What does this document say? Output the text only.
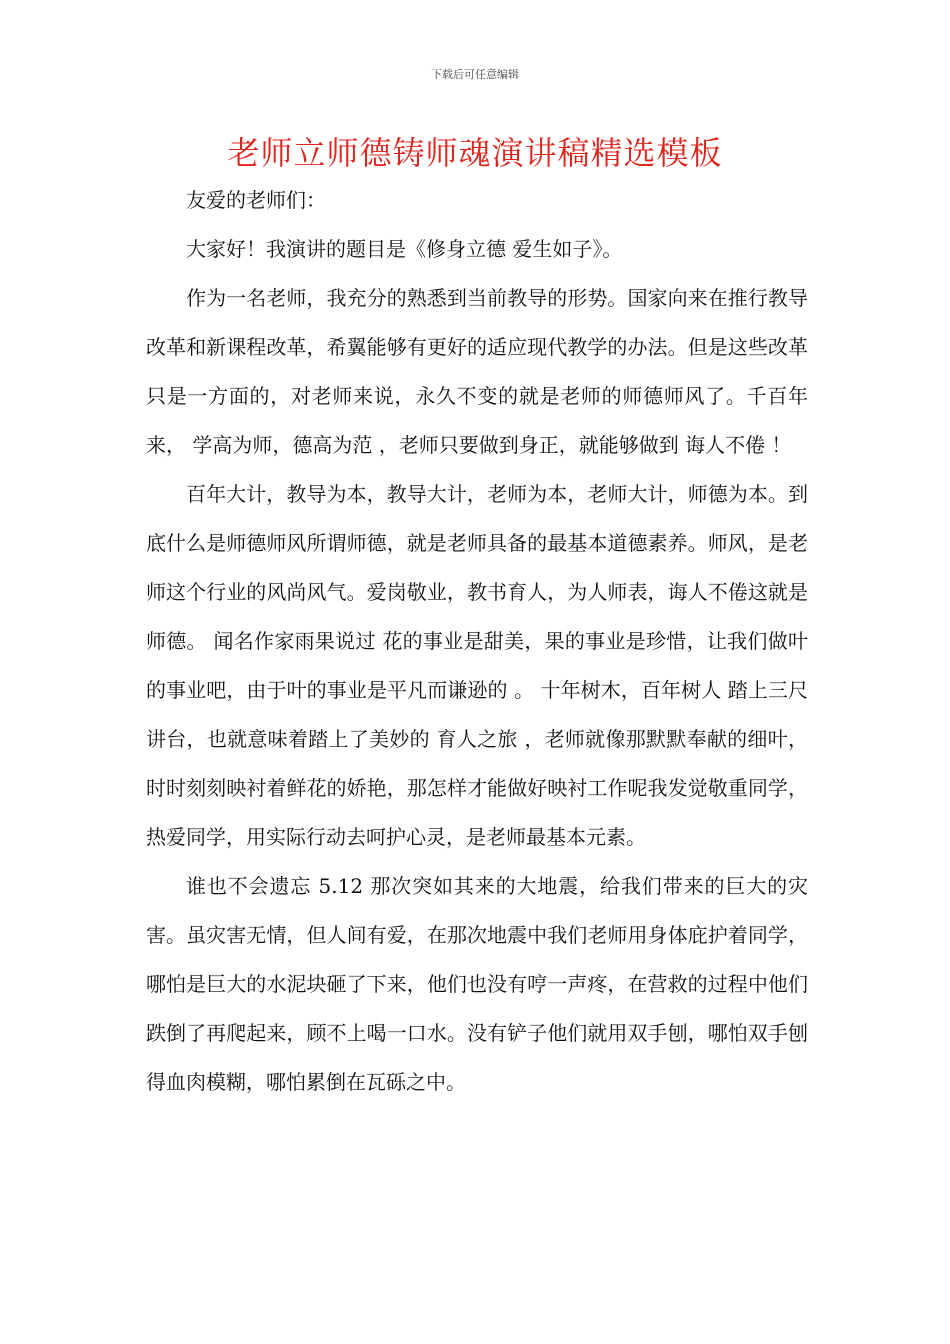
下载后可任意编辑
老师立师德铸师魂演讲稿精选模板

友爱的老师们：

大家好！我演讲的题目是《修身立德 爱生如子》。

作为一名老师，我充分的熟悉到当前教导的形势。国家向来在推行教导改革和新课程改革，希翼能够有更好的适应现代教学的办法。但是这些改革只是一方面的，对老师来说，永久不变的就是老师的师德师风了。千百年来， 学高为师，德高为范 ，老师只要做到身正，就能够做到 诲人不倦 ！

百年大计，教导为本，教导大计，老师为本，老师大计，师德为本。到底什么是师德师风所谓师德，就是老师具备的最基本道德素养。师风，是老师这个行业的风尚风气。爱岗敬业，教书育人，为人师表，诲人不倦这就是师德。 闻名作家雨果说过 花的事业是甜美，果的事业是珍惜，让我们做叶的事业吧，由于叶的事业是平凡而谦逊的 。 十年树木，百年树人 踏上三尺讲台，也就意味着踏上了美妙的 育人之旅 ，老师就像那默默奉献的细叶，时时刻刻映衬着鲜花的娇艳，那怎样才能做好映衬工作呢我发觉敬重同学，热爱同学，用实际行动去呵护心灵，是老师最基本元素。

谁也不会遗忘 5.12 那次突如其来的大地震，给我们带来的巨大的灾害。虽灾害无情，但人间有爱，在那次地震中我们老师用身体庇护着同学，哪怕是巨大的水泥块砸了下来，他们也没有哼一声疼，在营救的过程中他们跌倒了再爬起来，顾不上喝一口水。没有铲子他们就用双手刨，哪怕双手刨得血肉模糊，哪怕累倒在瓦砾之中。
